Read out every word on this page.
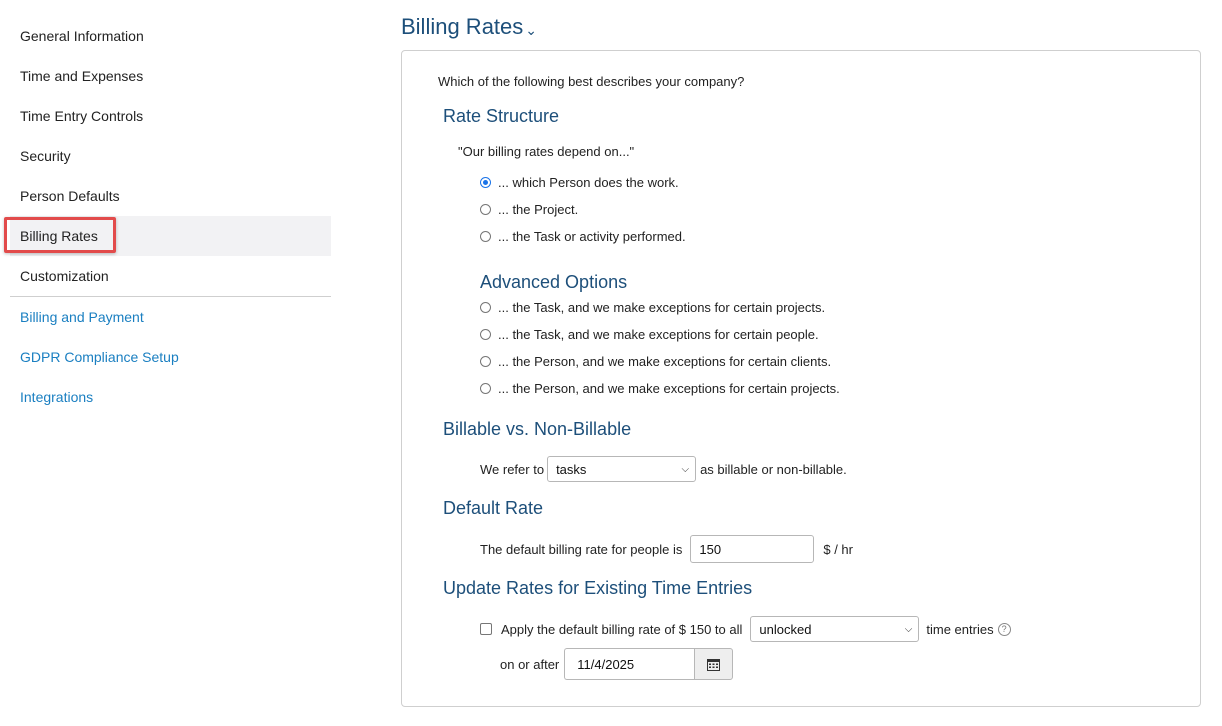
General Information
Time and Expenses
Time Entry Controls
Security
Person Defaults
Billing Rates
Customization
Billing and Payment
GDPR Compliance Setup
Integrations
Billing Rates ⌄
Which of the following best describes your company?
Rate Structure
"Our billing rates depend on..."
... which Person does the work.
... the Project.
... the Task or activity performed.
Advanced Options
... the Task, and we make exceptions for certain projects.
... the Task, and we make exceptions for certain people.
... the Person, and we make exceptions for certain clients.
... the Person, and we make exceptions for certain projects.
Billable vs. Non-Billable
We refer to tasks	⌵ as billable or non-billable.
Default Rate
The default billing rate for people is
150	$ / hr
Update Rates for Existing Time Entries
Apply the default billing rate of $ 150 to all unlocked	⌵ time entries ?
on or after
11/4/2025
